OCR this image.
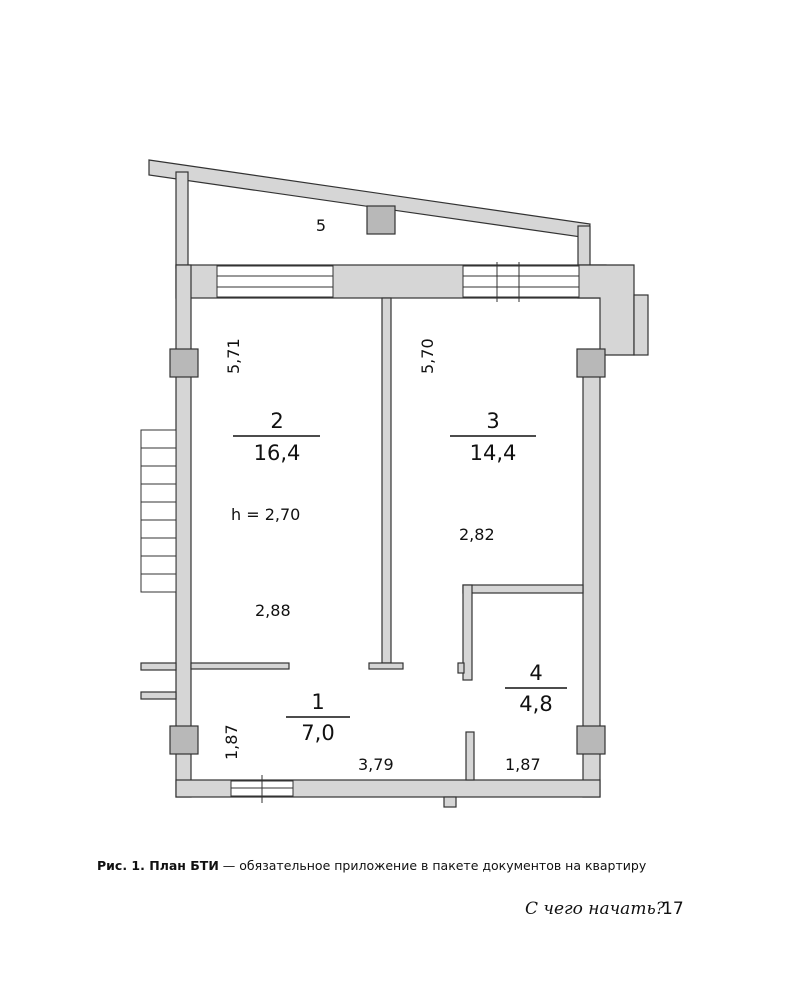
5
2
16,4
3
14,4
1
7,0
4
4,8
h = 2,70
2,88
2,82
3,79	1,87
5,71	5,70
1,87
Рис. 1. План БТИ — обязательное приложение в пакете документов на квартиру
С чего начать?
17
